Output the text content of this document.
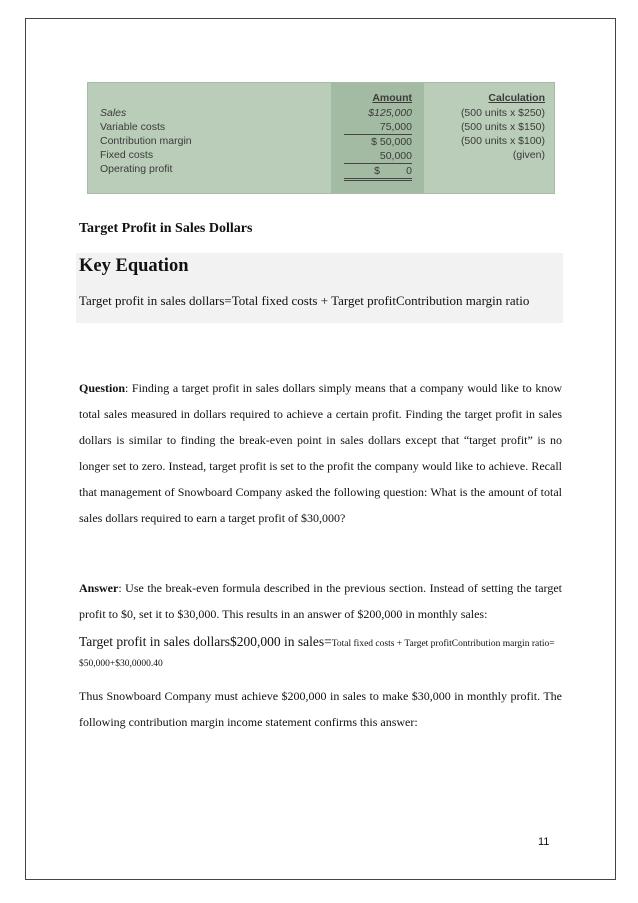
Sales
Variable costs
Contribution margin
Fixed costs
Operating profit
Amount
$125,000
75,000
$ 50,000
50,000
$         0
Calculation
(500 units x $250)
(500 units x $150)
(500 units x $100)
(given)
Target Profit in Sales Dollars
Key Equation
Target profit in sales dollars=Total fixed costs + Target profitContribution margin ratio
Question: Finding a target profit in sales dollars simply means that a company would like to know total sales measured in dollars required to achieve a certain profit. Finding the target profit in sales dollars is similar to finding the break-even point in sales dollars except that “target profit” is no longer set to zero. Instead, target profit is set to the profit the company would like to achieve. Recall that management of Snowboard Company asked the following question: What is the amount of total sales dollars required to earn a target profit of $30,000?
Answer: Use the break-even formula described in the previous section. Instead of setting the target profit to $0, set it to $30,000. This results in an answer of $200,000 in monthly sales:
Target profit in sales dollars$200,000 in sales=Total fixed costs + Target profitContribution margin ratio=$50,000+$30,0000.40
Thus Snowboard Company must achieve $200,000 in sales to make $30,000 in monthly profit. The following contribution margin income statement confirms this answer:
11
